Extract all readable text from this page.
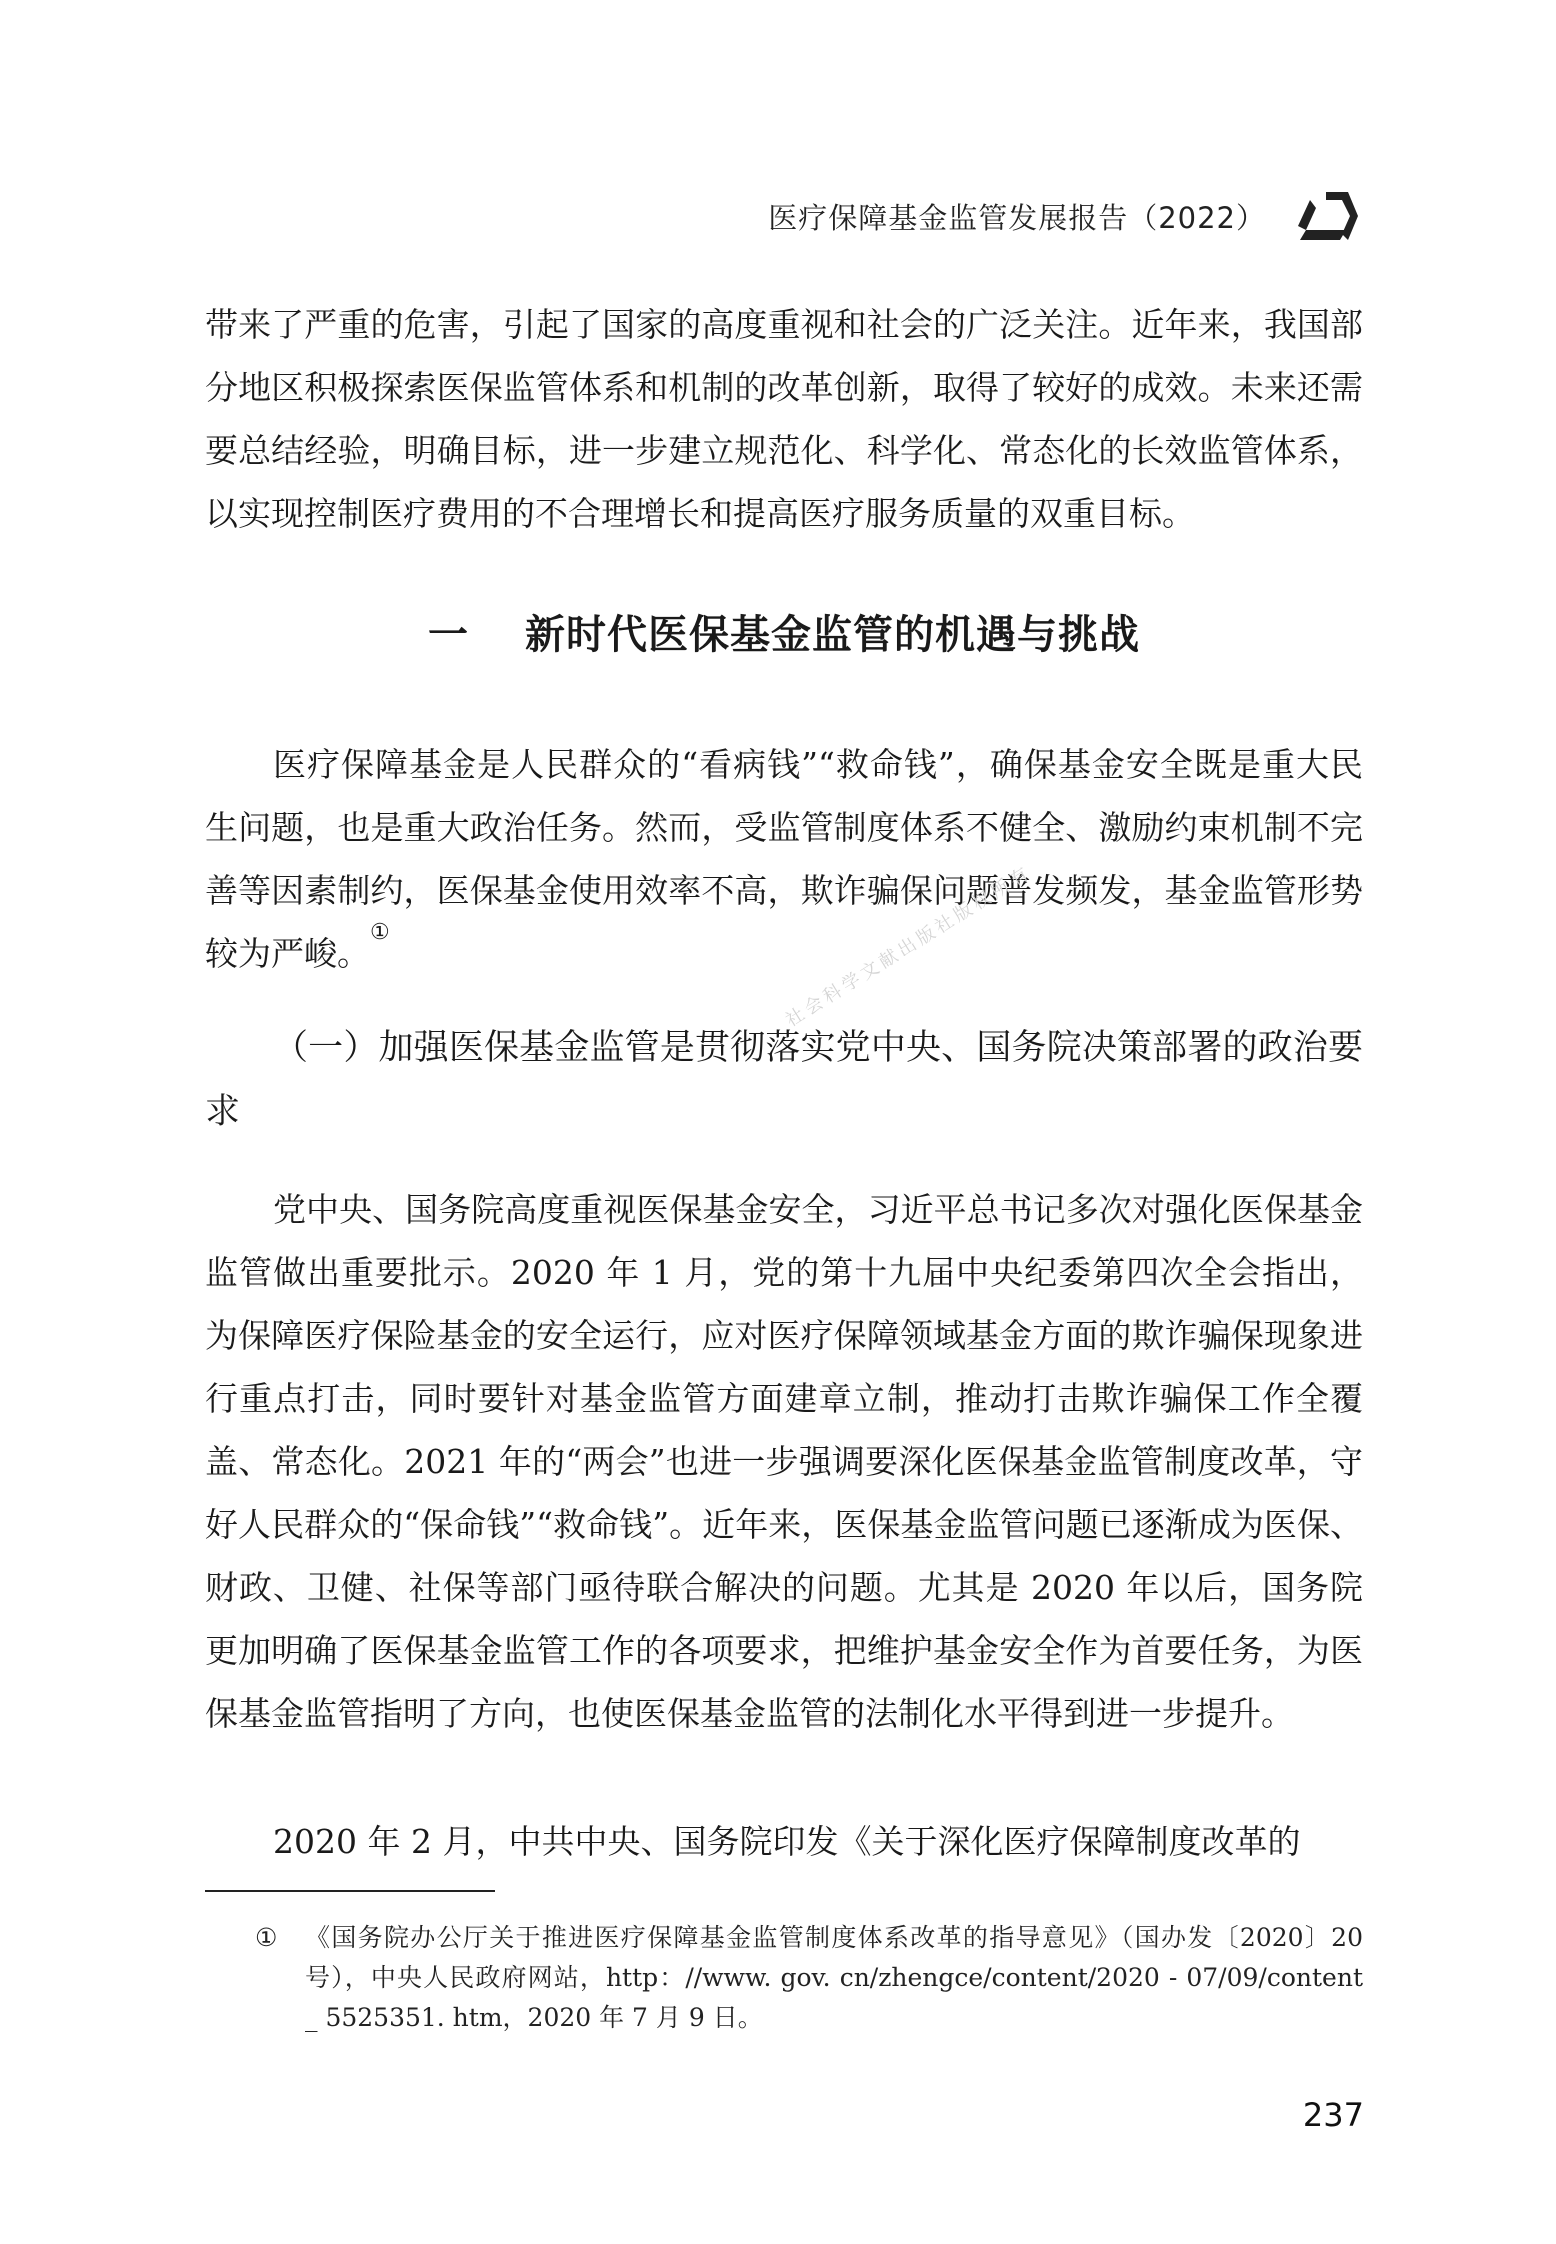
医疗保障基金监管发展报告（2022）

带来了严重的危害，引起了国家的高度重视和社会的广泛关注。近年来，我国部分地区积极探索医保监管体系和机制的改革创新，取得了较好的成效。未来还需要总结经验，明确目标，进一步建立规范化、科学化、常态化的长效监管体系，以实现控制医疗费用的不合理增长和提高医疗服务质量的双重目标。

一 新时代医保基金监管的机遇与挑战

医疗保障基金是人民群众的“看病钱”“救命钱”，确保基金安全既是重大民生问题，也是重大政治任务。然而，受监管制度体系不健全、激励约束机制不完善等因素制约，医保基金使用效率不高，欺诈骗保问题普发频发，基金监管形势较为严峻。①	社会科学文献出版社版权所有

（一）加强医保基金监管是贯彻落实党中央、国务院决策部署的政治要求

党中央、国务院高度重视医保基金安全，习近平总书记多次对强化医保基金监管做出重要批示。2020 年 1 月，党的第十九届中央纪委第四次全会指出，为保障医疗保险基金的安全运行，应对医疗保障领域基金方面的欺诈骗保现象进行重点打击，同时要针对基金监管方面建章立制，推动打击欺诈骗保工作全覆盖、常态化。2021 年的“两会”也进一步强调要深化医保基金监管制度改革，守好人民群众的“保命钱”“救命钱”。近年来，医保基金监管问题已逐渐成为医保、财政、卫健、社保等部门亟待联合解决的问题。尤其是 2020 年以后，国务院更加明确了医保基金监管工作的各项要求，把维护基金安全作为首要任务，为医保基金监管指明了方向，也使医保基金监管的法制化水平得到进一步提升。

2020 年 2 月，中共中央、国务院印发《关于深化医疗保障制度改革的

① 《国务院办公厅关于推进医疗保障基金监管制度体系改革的指导意见》（国办发〔2020〕20 号），中央人民政府网站，http：//www. gov. cn/zhengce/content/2020 - 07/09/content _ 5525351. htm，2020 年 7 月 9 日。

237
